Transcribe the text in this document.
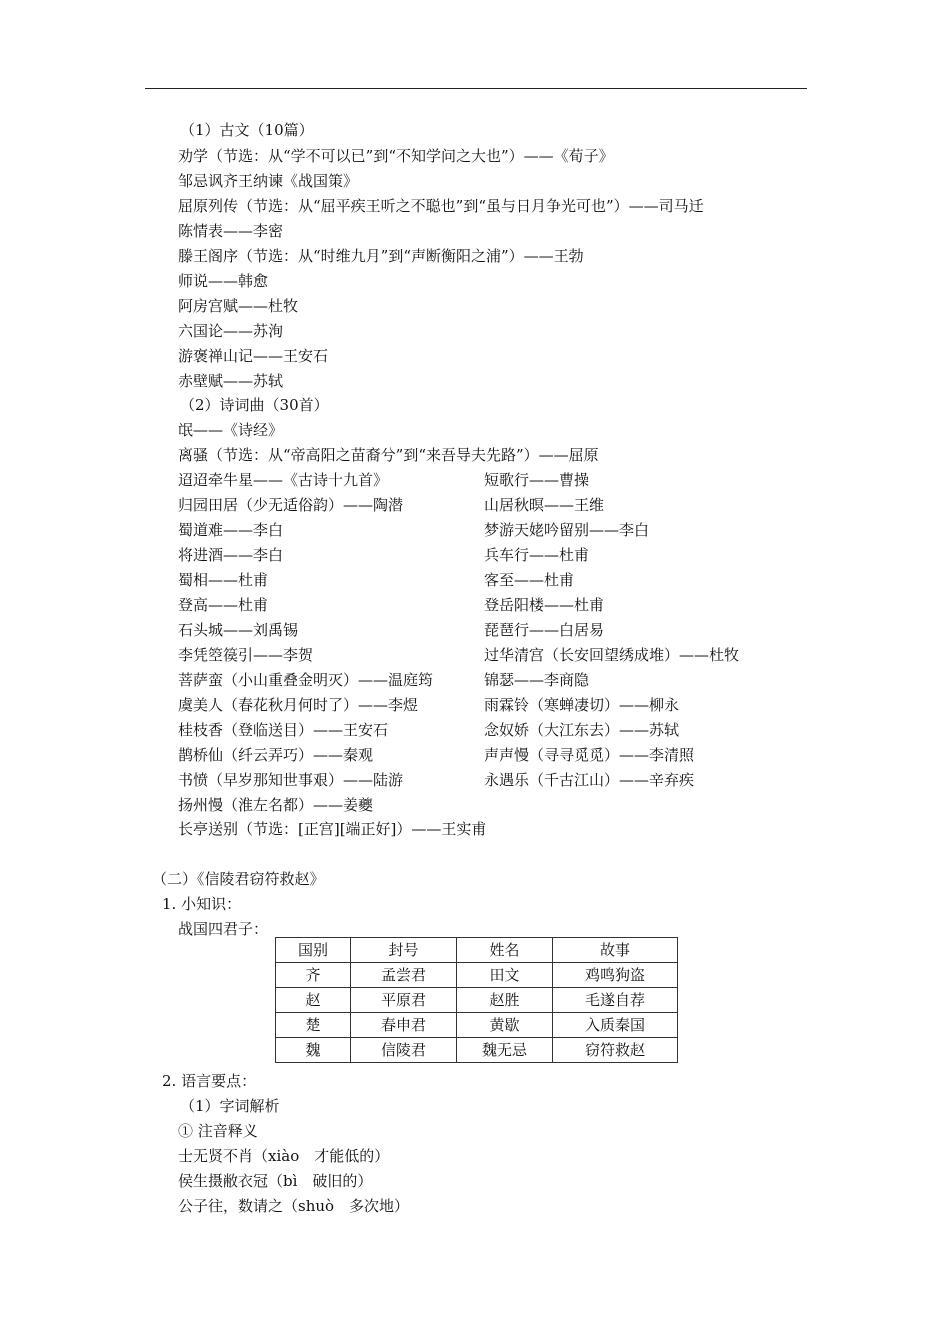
（1）古文（10篇）
劝学（节选：从“学不可以已”到“不知学问之大也”）——《荀子》
邹忌讽齐王纳谏《战国策》
屈原列传（节选：从“屈平疾王听之不聪也”到“虽与日月争光可也”）——司马迁
陈情表——李密
滕王阁序（节选：从“时维九月”到“声断衡阳之浦”）——王勃
师说——韩愈
阿房宫赋——杜牧
六国论——苏洵
游褒禅山记——王安石
赤壁赋——苏轼
（2）诗词曲（30首）
氓——《诗经》
离骚（节选：从“帝高阳之苗裔兮”到“来吾导夫先路”）——屈原
迢迢牵牛星——《古诗十九首》	短歌行——曹操
归园田居（少无适俗韵）——陶潜	山居秋暝——王维
蜀道难——李白	梦游天姥吟留别——李白
将进酒——李白	兵车行——杜甫
蜀相——杜甫	客至——杜甫
登高——杜甫	登岳阳楼——杜甫
石头城——刘禹锡	琵琶行——白居易
李凭箜篌引——李贺	过华清宫（长安回望绣成堆）——杜牧
菩萨蛮（小山重叠金明灭）——温庭筠	锦瑟——李商隐
虞美人（春花秋月何时了）——李煜	雨霖铃（寒蝉凄切）——柳永
桂枝香（登临送目）——王安石	念奴娇（大江东去）——苏轼
鹊桥仙（纤云弄巧）——秦观	声声慢（寻寻觅觅）——李清照
书愤（早岁那知世事艰）——陆游	永遇乐（千古江山）——辛弃疾
扬州慢（淮左名都）——姜夔
长亭送别（节选：[正宫][端正好]）——王实甫
（二）《信陵君窃符救赵》
1. 小知识：
战国四君子：
国别	封号	姓名	故事
齐	孟尝君	田文	鸡鸣狗盗
赵	平原君	赵胜	毛遂自荐
楚	春申君	黄歇	入质秦国
魏	信陵君	魏无忌	窃符救赵
2. 语言要点：
（1）字词解析
① 注音释义
士无贤不肖（xiào　才能低的）
侯生摄敝衣冠（bì　破旧的）
公子往，数请之（shuò　多次地）
